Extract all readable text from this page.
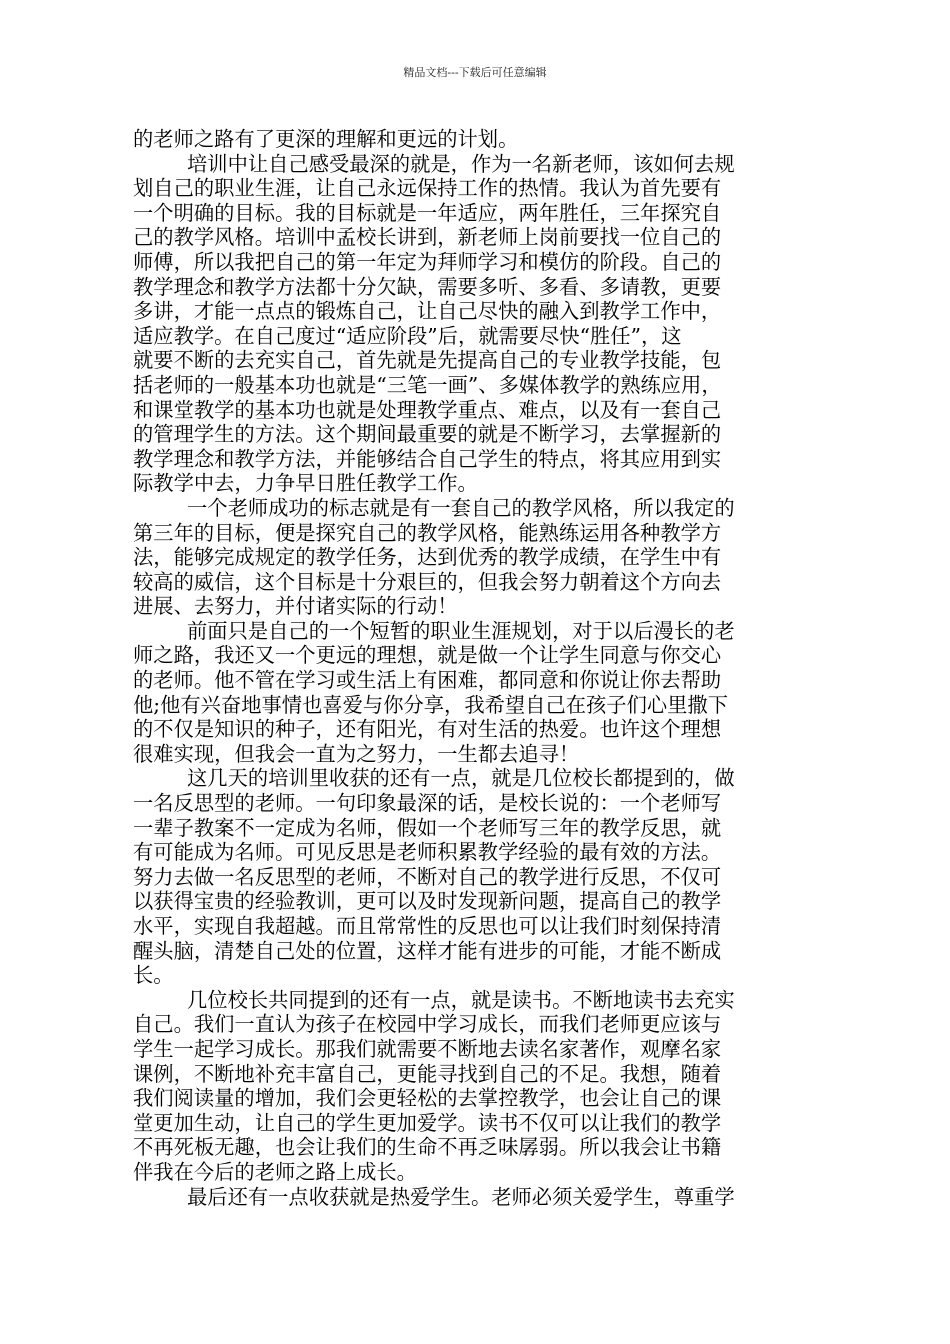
精品文档---下载后可任意编辑
的老师之路有了更深的理解和更远的计划。
培训中让自己感受最深的就是，作为一名新老师，该如何去规
划自己的职业生涯，让自己永远保持工作的热情。我认为首先要有
一个明确的目标。我的目标就是一年适应，两年胜任，三年探究自
己的教学风格。培训中孟校长讲到，新老师上岗前要找一位自己的
师傅，所以我把自己的第一年定为拜师学习和模仿的阶段。自己的
教学理念和教学方法都十分欠缺，需要多听、多看、多请教，更要
多讲，才能一点点的锻炼自己，让自己尽快的融入到教学工作中，
适应教学。在自己度过“适应阶段”后，就需要尽快“胜任”，这
就要不断的去充实自己，首先就是先提高自己的专业教学技能，包
括老师的一般基本功也就是“三笔一画”、多媒体教学的熟练应用，
和课堂教学的基本功也就是处理教学重点、难点，以及有一套自己
的管理学生的方法。这个期间最重要的就是不断学习，去掌握新的
教学理念和教学方法，并能够结合自己学生的特点，将其应用到实
际教学中去，力争早日胜任教学工作。
一个老师成功的标志就是有一套自己的教学风格，所以我定的
第三年的目标，便是探究自己的教学风格，能熟练运用各种教学方
法，能够完成规定的教学任务，达到优秀的教学成绩，在学生中有
较高的威信，这个目标是十分艰巨的，但我会努力朝着这个方向去
进展、去努力，并付诸实际的行动！
前面只是自己的一个短暂的职业生涯规划，对于以后漫长的老
师之路，我还又一个更远的理想，就是做一个让学生同意与你交心
的老师。他不管在学习或生活上有困难，都同意和你说让你去帮助
他;他有兴奋地事情也喜爱与你分享，我希望自己在孩子们心里撒下
的不仅是知识的种子，还有阳光，有对生活的热爱。也许这个理想
很难实现，但我会一直为之努力，一生都去追寻！
这几天的培训里收获的还有一点，就是几位校长都提到的，做
一名反思型的老师。一句印象最深的话，是校长说的：一个老师写
一辈子教案不一定成为名师，假如一个老师写三年的教学反思，就
有可能成为名师。可见反思是老师积累教学经验的最有效的方法。
努力去做一名反思型的老师，不断对自己的教学进行反思，不仅可
以获得宝贵的经验教训，更可以及时发现新问题，提高自己的教学
水平，实现自我超越。而且常常性的反思也可以让我们时刻保持清
醒头脑，清楚自己处的位置，这样才能有进步的可能，才能不断成
长。
几位校长共同提到的还有一点，就是读书。不断地读书去充实
自己。我们一直认为孩子在校园中学习成长，而我们老师更应该与
学生一起学习成长。那我们就需要不断地去读名家著作，观摩名家
课例，不断地补充丰富自己，更能寻找到自己的不足。我想，随着
我们阅读量的增加，我们会更轻松的去掌控教学，也会让自己的课
堂更加生动，让自己的学生更加爱学。读书不仅可以让我们的教学
不再死板无趣，也会让我们的生命不再乏味孱弱。所以我会让书籍
伴我在今后的老师之路上成长。
最后还有一点收获就是热爱学生。老师必须关爱学生，尊重学
